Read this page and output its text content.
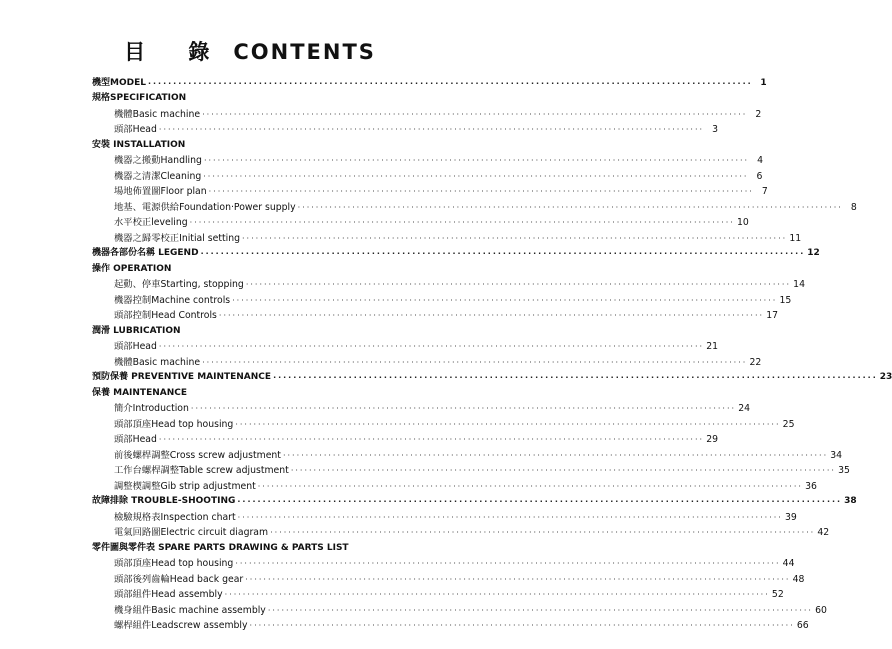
目 錄 CONTENTS
機型MODEL ························································································································ 1
規格SPECIFICATION
機體Basic machine ························································································································ 2
頭部Head ························································································································ 3
安裝 INSTALLATION
機器之搬動Handling ························································································································ 4
機器之清潔Cleaning ························································································································ 6
場地佈置圖Floor plan ························································································································ 7
地基、電源供給Foundation·Power supply ························································································································ 8
水平校正leveling ························································································································ 10
機器之歸零校正Initial setting ························································································································ 11
機器各部份名稱 LEGEND ························································································································ 12
操作 OPERATION
起動、停車Starting, stopping ························································································································ 14
機器控制Machine controls ························································································································ 15
頭部控制Head Controls ························································································································ 17
潤滑 LUBRICATION
頭部Head ························································································································ 21
機體Basic machine ························································································································ 22
預防保養 PREVENTIVE MAINTENANCE ························································································································ 23
保養 MAINTENANCE
簡介Introduction ························································································································ 24
頭部頂座Head top housing ························································································································ 25
頭部Head ························································································································ 29
前後螺桿調整Cross screw adjustment ························································································································ 34
工作台螺桿調整Table screw adjustment ························································································································ 35
調整楔調整Gib strip adjustment ························································································································ 36
故障排除 TROUBLE-SHOOTING ························································································································ 38
檢驗規格表Inspection chart ························································································································ 39
電氣回路圖Electric circuit diagram ························································································································ 42
零件圖與零件表 SPARE PARTS DRAWING & PARTS LIST
頭部頂座Head top housing ························································································································ 44
頭部後列齒輪Head back gear ························································································································ 48
頭部組件Head assembly ························································································································ 52
機身組件Basic machine assembly ························································································································ 60
螺桿組件Leadscrew assembly ························································································································ 66
